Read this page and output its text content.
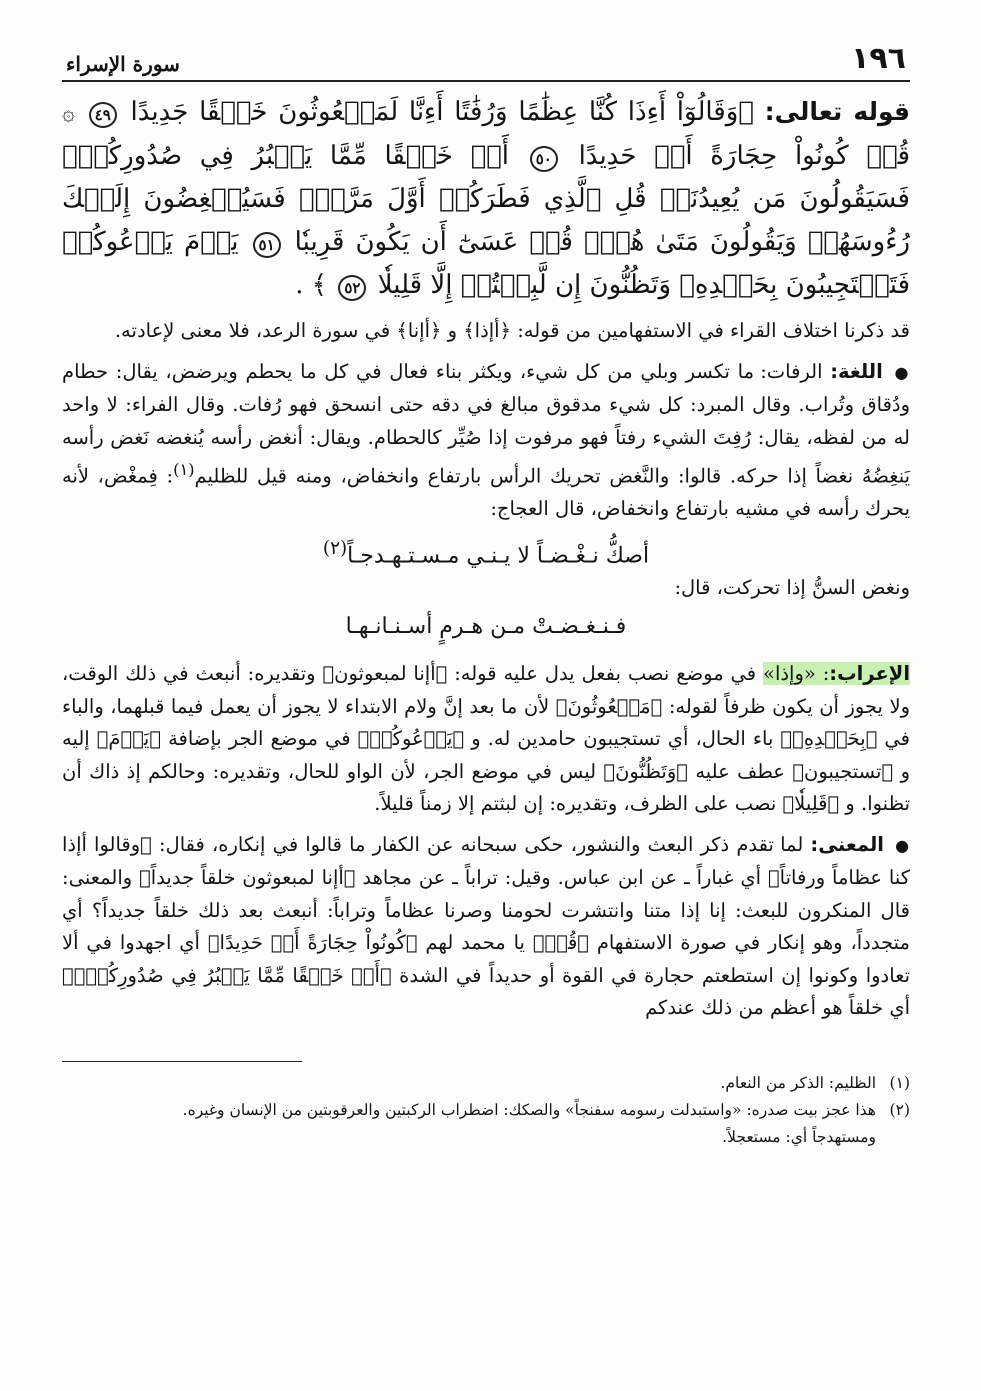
١٩٦
سورة الإسراء

قوله تعالى: ﴿وَقَالُوٓاْ أَءِذَا كُنَّا عِظَٰمًا وَرُفَٰتًا أَءِنَّا لَمَبۡعُوثُونَ خَلۡقًا جَدِيدًا ٤٩ ۞ قُلۡ كُونُواْ حِجَارَةً أَوۡ حَدِيدًا ٥٠ أَوۡ خَلۡقًا مِّمَّا يَكۡبُرُ فِي صُدُورِكُمۡۚ فَسَيَقُولُونَ مَن يُعِيدُنَاۖ قُلِ ٱلَّذِي فَطَرَكُمۡ أَوَّلَ مَرَّةٖۚ فَسَيُنۡغِضُونَ إِلَيۡكَ رُءُوسَهُمۡ وَيَقُولُونَ مَتَىٰ هُوَۖ قُلۡ عَسَىٰٓ أَن يَكُونَ قَرِيبٗا ٥١ يَوۡمَ يَدۡعُوكُمۡ فَتَسۡتَجِيبُونَ بِحَمۡدِهِۦ وَتَظُنُّونَ إِن لَّبِثۡتُمۡ إِلَّا قَلِيلٗا ٥٢ ﴾ .

قد ذكرنا اختلاف القراء في الاستفهامين من قوله: ﴿أإذا﴾ و ﴿أإنا﴾ في سورة الرعد، فلا معنى لإعادته.

● اللغة: الرفات: ما تكسر وبلي من كل شيء، ويكثر بناء فعال في كل ما يحطم ويرضض، يقال: حطام ودُقاق وتُراب. وقال المبرد: كل شيء مدقوق مبالغ في دقه حتى انسحق فهو رُفات. وقال الفراء: لا واحد له من لفظه، يقال: رُفِتَ الشيء رفتاً فهو مرفوت إذا صُيِّر كالحطام. ويقال: أنغض رأسه يُنغضه نَغض رأسه يَنغِضُهُ نغضاً إذا حركه. قالوا: والنَّغض تحريك الرأس بارتفاع وانخفاض، ومنه قيل للظليم$^{(١)}$: فِمغْض، لأنه يحرك رأسه في مشيه بارتفاع وانخفاض، قال العجاج:

أصكُّ نـغْـضـاً لا يـنـي مـسـتـهـدجـاً$^{(٢)}$

ونغض السنُّ إذا تحركت، قال:

فـنـغـضـتْ مـن هـرمٍ أسـنـانـهـا

الإعراب:: «وإذا» في موضع نصب بفعل يدل عليه قوله: ﴿أإنا لمبعوثون﴾ وتقديره: أنبعث في ذلك الوقت، ولا يجوز أن يكون ظرفاً لقوله: ﴿مَبۡعُوثُونَ﴾ لأن ما بعد إنَّ ولام الابتداء لا يجوز أن يعمل فيما قبلهما، والباء في ﴿بِحَمۡدِهِۦ﴾ باء الحال، أي تستجيبون حامدين له. و ﴿يَدۡعُوكُمۡ﴾ في موضع الجر بإضافة ﴿يَوۡمَ﴾ إليه و ﴿تستجيبون﴾ عطف عليه ﴿وَتَظُنُّونَ﴾ ليس في موضع الجر، لأن الواو للحال، وتقديره: وحالكم إذ ذاك أن تظنوا. و ﴿قَلِيلٗا﴾ نصب على الظرف، وتقديره: إن لبثتم إلا زمناً قليلاً.

● المعنى: لما تقدم ذكر البعث والنشور، حكى سبحانه عن الكفار ما قالوا في إنكاره، فقال: ﴿وقالوا أإذا كنا عظاماً ورفاتاً﴾ أي غباراً ـ عن ابن عباس. وقيل: تراباً ـ عن مجاهد ﴿أإنا لمبعوثون خلقاً جديداً﴾ والمعنى: قال المنكرون للبعث: إنا إذا متنا وانتشرت لحومنا وصرنا عظاماً وتراباً: أنبعث بعد ذلك خلقاً جديداً؟ أي متجدداً، وهو إنكار في صورة الاستفهام ﴿قُلۡ﴾ يا محمد لهم ﴿كُونُواْ حِجَارَةً أَوۡ حَدِيدًا﴾ أي اجهدوا في ألا تعادوا وكونوا إن استطعتم حجارة في القوة أو حديداً في الشدة ﴿أَوۡ خَلۡقًا مِّمَّا يَكۡبُرُ فِي صُدُورِكُمۡۚ﴾ أي خلقاً هو أعظم من ذلك عندكم

(١)
الظليم: الذكر من النعام.
(٢)
هذا عجز بيت صدره: «واستبدلت رسومه سفنجاً» والصكك: اضطراب الركبتين والعرقوبتين من الإنسان وغيره.
ومستهدجاً أي: مستعجلاً.
